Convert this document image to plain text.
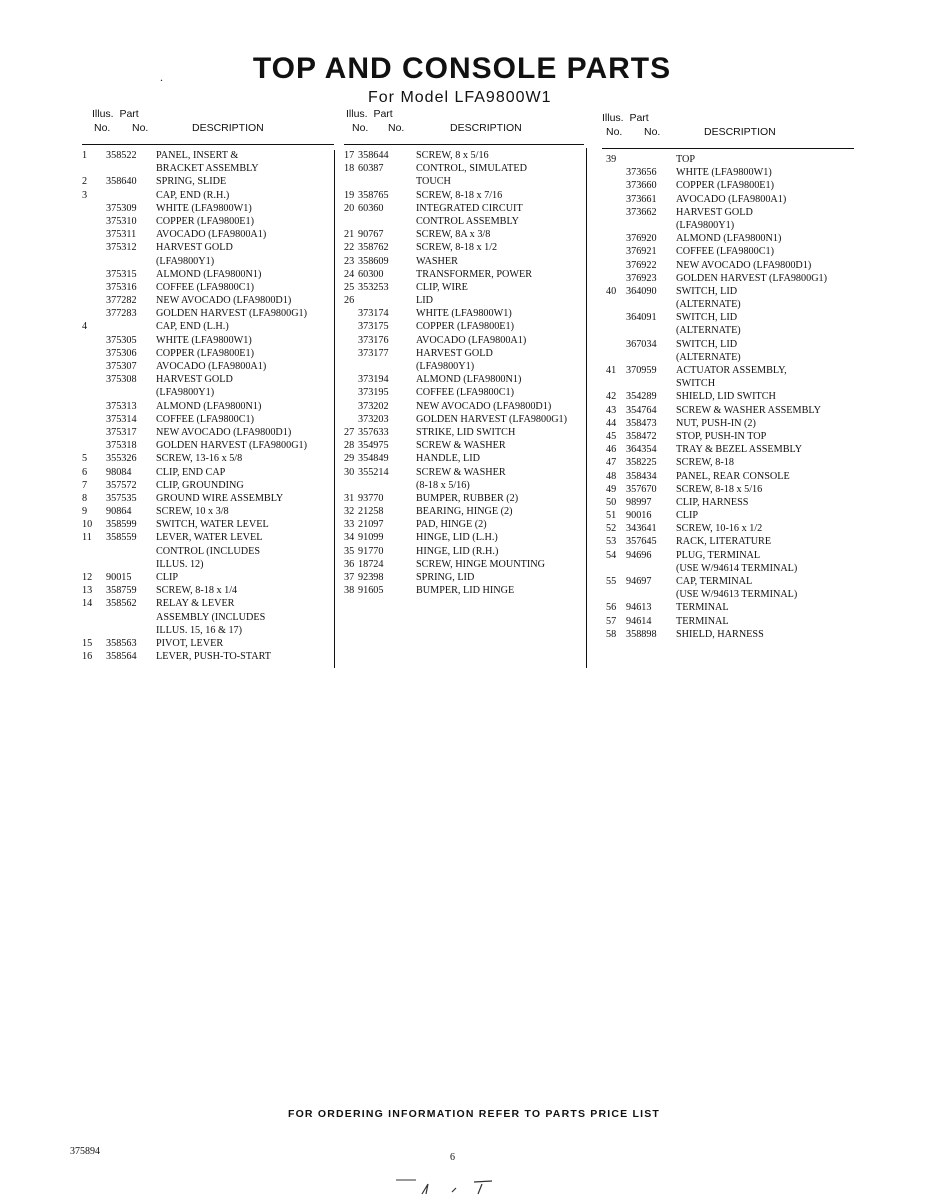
.	TOP AND CONSOLE PARTS
For Model LFA9800W1
Illus. Part
No. No.	DESCRIPTION
1 358522 PANEL, INSERT &
BRACKET ASSEMBLY
2 358640 SPRING, SLIDE
3	CAP, END (R.H.)
375309 WHITE (LFA9800W1)
375310 COPPER (LFA9800E1)
375311 AVOCADO (LFA9800A1)
375312 HARVEST GOLD
(LFA9800Y1)
375315 ALMOND (LFA9800N1)
375316 COFFEE (LFA9800C1)
377282 NEW AVOCADO (LFA9800D1)
377283 GOLDEN HARVEST (LFA9800G1)
4	CAP, END (L.H.)
375305 WHITE (LFA9800W1)
375306 COPPER (LFA9800E1)
375307 AVOCADO (LFA9800A1)
375308 HARVEST GOLD
(LFA9800Y1)
375313 ALMOND (LFA9800N1)
375314 COFFEE (LFA9800C1)
375317 NEW AVOCADO (LFA9800D1)
375318 GOLDEN HARVEST (LFA9800G1)
5 355326 SCREW, 13-16 x 5/8
6 98084 CLIP, END CAP
7 357572 CLIP, GROUNDING
8 357535 GROUND WIRE ASSEMBLY
9 90864 SCREW, 10 x 3/8
10 358599 SWITCH, WATER LEVEL
11 358559 LEVER, WATER LEVEL
CONTROL (INCLUDES
ILLUS. 12)
12 90015 CLIP
13 358759 SCREW, 8-18 x 1/4
14 358562 RELAY & LEVER
ASSEMBLY (INCLUDES
ILLUS. 15, 16 & 17)
15 358563 PIVOT, LEVER
16 358564 LEVER, PUSH-TO-START
Illus. Part
No. No.	DESCRIPTION
17 358644	SCREW, 8 x 5/16
18 60387	CONTROL, SIMULATED
TOUCH
19 358765	SCREW, 8-18 x 7/16
20 60360	INTEGRATED CIRCUIT
CONTROL ASSEMBLY
21 90767	SCREW, 8A x 3/8
22 358762	SCREW, 8-18 x 1/2
23 358609	WASHER
24 60300	TRANSFORMER, POWER
25 353253	CLIP, WIRE
26	LID
373174	WHITE (LFA9800W1)
373175	COPPER (LFA9800E1)
373176	AVOCADO (LFA9800A1)
373177	HARVEST GOLD
(LFA9800Y1)
373194	ALMOND (LFA9800N1)
373195	COFFEE (LFA9800C1)
373202	NEW AVOCADO (LFA9800D1)
373203	GOLDEN HARVEST (LFA9800G1)
27 357633	STRIKE, LID SWITCH
28 354975	SCREW & WASHER
29 354849	HANDLE, LID
30 355214	SCREW & WASHER
(8-18 x 5/16)
31 93770	BUMPER, RUBBER (2)
32 21258	BEARING, HINGE (2)
33 21097	PAD, HINGE (2)
34 91099	HINGE, LID (L.H.)
35 91770	HINGE, LID (R.H.)
36 18724	SCREW, HINGE MOUNTING
37 92398	SPRING, LID
38 91605	BUMPER, LID HINGE
Illus. Part
No. No.	DESCRIPTION
39	TOP
373656 WHITE (LFA9800W1)
373660 COPPER (LFA9800E1)
373661 AVOCADO (LFA9800A1)
373662 HARVEST GOLD
(LFA9800Y1)
376920 ALMOND (LFA9800N1)
376921 COFFEE (LFA9800C1)
376922 NEW AVOCADO (LFA9800D1)
376923 GOLDEN HARVEST (LFA9800G1)
40 364090 SWITCH, LID
(ALTERNATE)
364091 SWITCH, LID
(ALTERNATE)
367034 SWITCH, LID
(ALTERNATE)
41 370959 ACTUATOR ASSEMBLY,
SWITCH
42 354289 SHIELD, LID SWITCH
43 354764 SCREW & WASHER ASSEMBLY
44 358473 NUT, PUSH-IN (2)
45 358472 STOP, PUSH-IN TOP
46 364354 TRAY & BEZEL ASSEMBLY
47 358225 SCREW, 8-18
48 358434 PANEL, REAR CONSOLE
49 357670 SCREW, 8-18 x 5/16
50 98997 CLIP, HARNESS
51 90016 CLIP
52 343641 SCREW, 10-16 x 1/2
53 357645 RACK, LITERATURE
54 94696 PLUG, TERMINAL
(USE W/94614 TERMINAL)
55 94697 CAP, TERMINAL
(USE W/94613 TERMINAL)
56 94613 TERMINAL
57 94614 TERMINAL
58 358898 SHIELD, HARNESS
FOR ORDERING INFORMATION REFER TO PARTS PRICE LIST
375894
6
